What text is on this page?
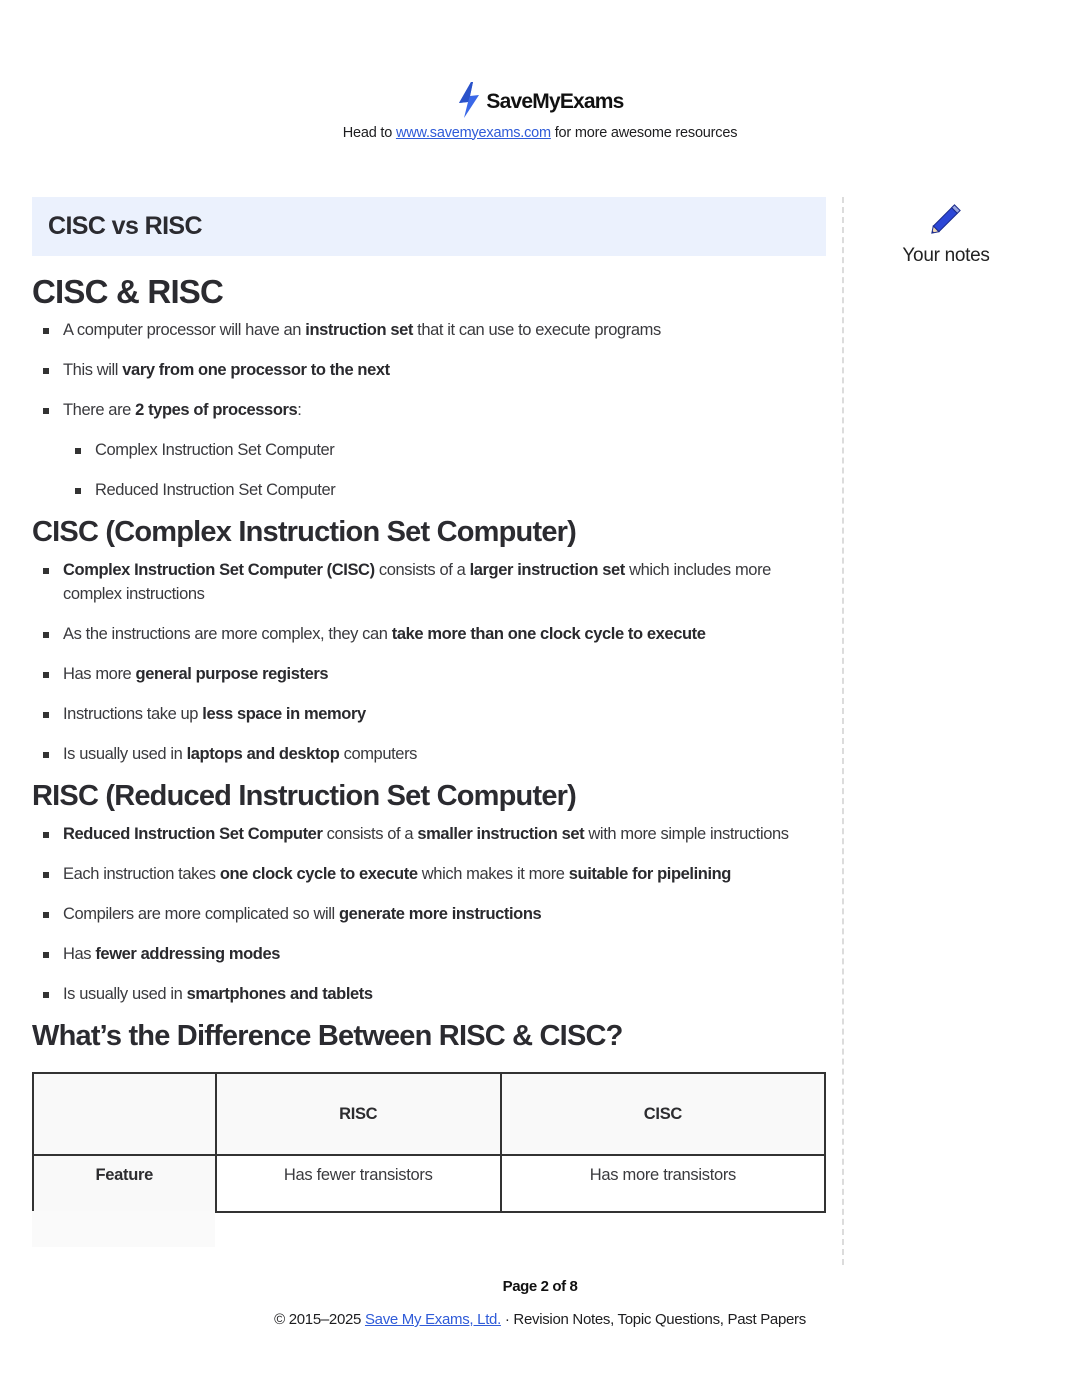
SaveMyExams
Head to www.savemyexams.com for more awesome resources
CISC vs RISC
CISC & RISC
A computer processor will have an instruction set that it can use to execute programs
This will vary from one processor to the next
There are 2 types of processors:
Complex Instruction Set Computer
Reduced Instruction Set Computer
CISC (Complex Instruction Set Computer)
Complex Instruction Set Computer (CISC) consists of a larger instruction set which includes more complex instructions
As the instructions are more complex, they can take more than one clock cycle to execute
Has more general purpose registers
Instructions take up less space in memory
Is usually used in laptops and desktop computers
RISC (Reduced Instruction Set Computer)
Reduced Instruction Set Computer consists of a smaller instruction set with more simple instructions
Each instruction takes one clock cycle to execute which makes it more suitable for pipelining
Compilers are more complicated so will generate more instructions
Has fewer addressing modes
Is usually used in smartphones and tablets
What’s the Difference Between RISC & CISC?
	RISC	CISC
Feature	Has fewer transistors	Has more transistors
Your notes
Page 2 of 8
© 2015–2025 Save My Exams, Ltd. · Revision Notes, Topic Questions, Past Papers
